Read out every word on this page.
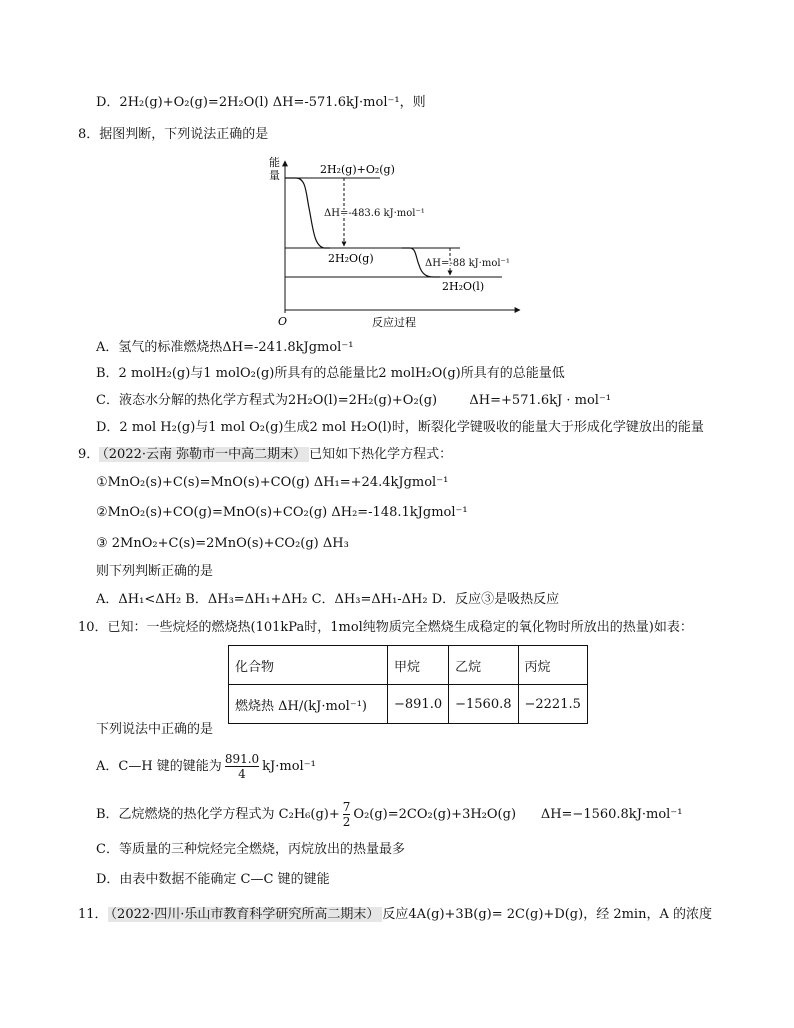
D．2H₂(g)+O₂(g)=2H₂O(l) ΔH=-571.6kJ·mol⁻¹，则
8．据图判断，下列说法正确的是
能
量
O	反应过程
2H₂(g)+O₂(g)
2H₂O(g)
2H₂O(l)
ΔH=-483.6 kJ·mol⁻¹
ΔH=-88 kJ·mol⁻¹
A．氢气的标准燃烧热ΔH=-241.8kJgmol⁻¹
B．2 molH₂(g)与1 molO₂(g)所具有的总能量比2 molH₂O(g)所具有的总能量低
C．液态水分解的热化学方程式为2H₂O(l)=2H₂(g)+O₂(g) ΔH=+571.6kJ · mol⁻¹
D．2 mol H₂(g)与1 mol O₂(g)生成2 mol H₂O(l)时，断裂化学键吸收的能量大于形成化学键放出的能量
9． （2022·云南 弥勒市一中高二期末） 已知如下热化学方程式：
①MnO₂(s)+C(s)=MnO(s)+CO(g) ΔH₁=+24.4kJgmol⁻¹
②MnO₂(s)+CO(g)=MnO(s)+CO₂(g) ΔH₂=-148.1kJgmol⁻¹
③ 2MnO₂+C(s)=2MnO(s)+CO₂(g) ΔH₃
则下列判断正确的是
A．ΔH₁<ΔH₂ B．ΔH₃=ΔH₁+ΔH₂ C．ΔH₃=ΔH₁-ΔH₂ D．反应③是吸热反应
10．已知：一些烷烃的燃烧热(101kPa时，1mol纯物质完全燃烧生成稳定的氧化物时所放出的热量)如表：
化合物	甲烷	乙烷	丙烷
燃烧热 ΔH/(kJ·mol⁻¹)	−891.0	−1560.8	−2221.5
下列说法中正确的是
A．C—H 键的键能为 $\frac{891.0}{4} kJ\cdot mol^{-1}$
B．乙烷燃烧的热化学方程式为 $C_2H_6(g)+ \frac{7}{2} O_2(g)=2CO_2(g)+3H_2O(g)$      ΔH=−1560.8kJ·mol⁻¹
C．等质量的三种烷烃完全燃烧，丙烷放出的热量最多
D．由表中数据不能确定 C—C 键的键能
11． （2022·四川·乐山市教育科学研究所高二期末） 反应4A(g)+3B(g)= 2C(g)+D(g)，经 2min，A 的浓度
